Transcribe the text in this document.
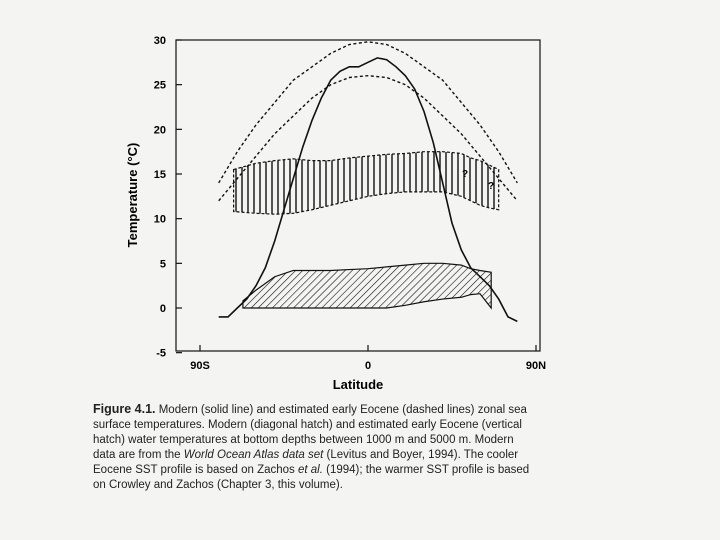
-5
0
5
10
15
20
25
30
90S	0	90N
?
?
Temperature (°C)
Latitude
Figure 4.1. Modern (solid line) and estimated early Eocene (dashed lines) zonal sea
surface temperatures. Modern (diagonal hatch) and estimated early Eocene (vertical
hatch) water temperatures at bottom depths between 1000 m and 5000 m. Modern
data are from the World Ocean Atlas data set (Levitus and Boyer, 1994). The cooler
Eocene SST profile is based on Zachos et al. (1994); the warmer SST profile is based
on Crowley and Zachos (Chapter 3, this volume).
